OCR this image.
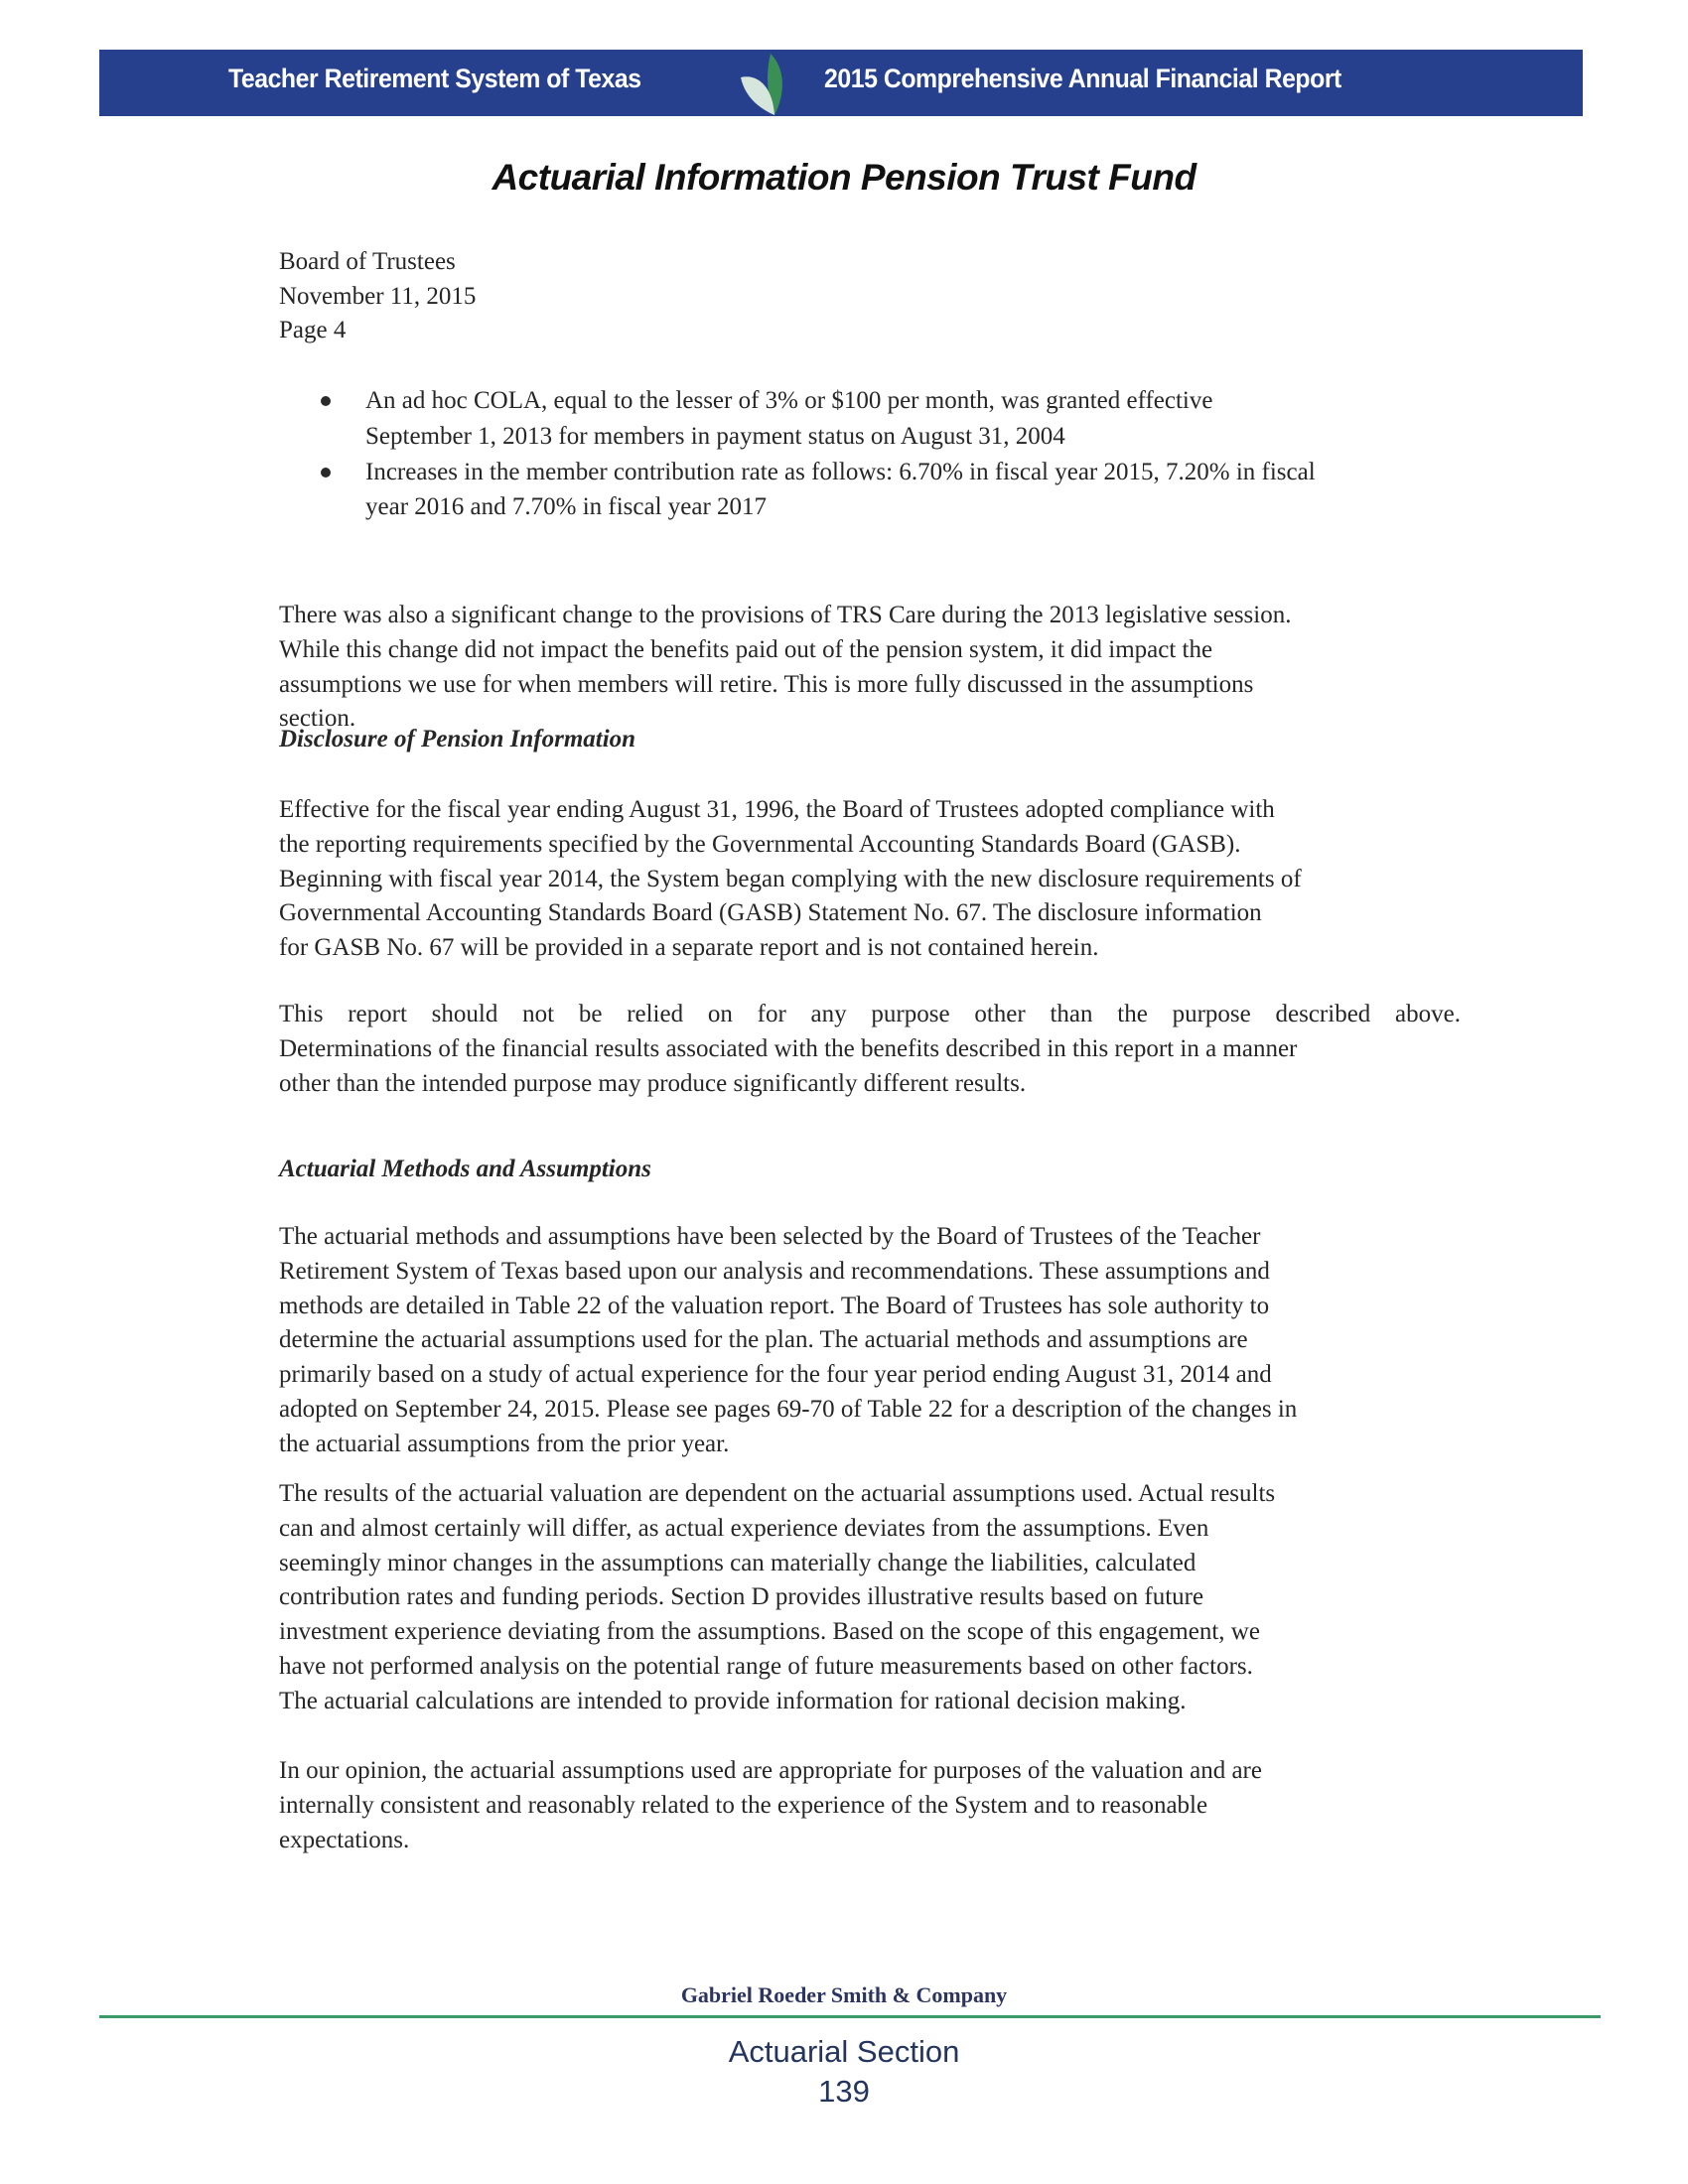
Teacher Retirement System of Texas	2015 Comprehensive Annual Financial Report
Actuarial Information Pension Trust Fund
Board of Trustees
November 11, 2015
Page 4
An ad hoc COLA, equal to the lesser of 3% or $100 per month, was granted effective
September 1, 2013 for members in payment status on August 31, 2004
Increases in the member contribution rate as follows: 6.70% in fiscal year 2015, 7.20% in fiscal
year 2016 and 7.70% in fiscal year 2017
There was also a significant change to the provisions of TRS Care during the 2013 legislative session.
While this change did not impact the benefits paid out of the pension system, it did impact the
assumptions we use for when members will retire. This is more fully discussed in the assumptions
section.
Disclosure of Pension Information
Effective for the fiscal year ending August 31, 1996, the Board of Trustees adopted compliance with
the reporting requirements specified by the Governmental Accounting Standards Board (GASB).
Beginning with fiscal year 2014, the System began complying with the new disclosure requirements of
Governmental Accounting Standards Board (GASB) Statement No. 67. The disclosure information
for GASB No. 67 will be provided in a separate report and is not contained herein.
This report should not be relied on for any purpose other than the purpose described above.
Determinations of the financial results associated with the benefits described in this report in a manner
other than the intended purpose may produce significantly different results.
Actuarial Methods and Assumptions
The actuarial methods and assumptions have been selected by the Board of Trustees of the Teacher
Retirement System of Texas based upon our analysis and recommendations. These assumptions and
methods are detailed in Table 22 of the valuation report. The Board of Trustees has sole authority to
determine the actuarial assumptions used for the plan. The actuarial methods and assumptions are
primarily based on a study of actual experience for the four year period ending August 31, 2014 and
adopted on September 24, 2015. Please see pages 69-70 of Table 22 for a description of the changes in
the actuarial assumptions from the prior year.
The results of the actuarial valuation are dependent on the actuarial assumptions used. Actual results
can and almost certainly will differ, as actual experience deviates from the assumptions. Even
seemingly minor changes in the assumptions can materially change the liabilities, calculated
contribution rates and funding periods. Section D provides illustrative results based on future
investment experience deviating from the assumptions. Based on the scope of this engagement, we
have not performed analysis on the potential range of future measurements based on other factors.
The actuarial calculations are intended to provide information for rational decision making.
In our opinion, the actuarial assumptions used are appropriate for purposes of the valuation and are
internally consistent and reasonably related to the experience of the System and to reasonable
expectations.
Gabriel Roeder Smith & Company
Actuarial Section
139
